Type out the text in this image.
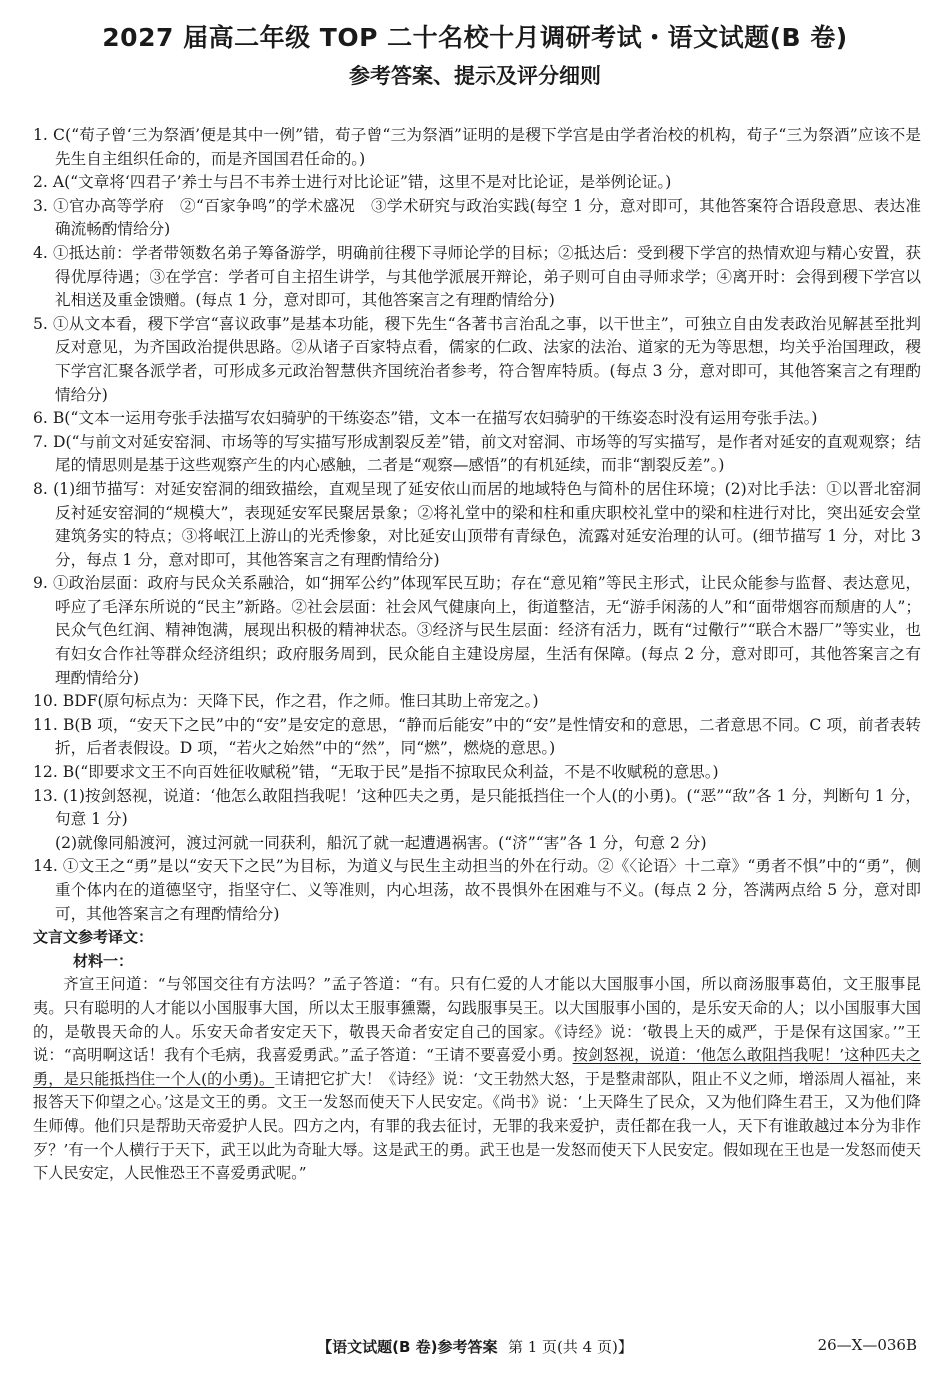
2027 届高二年级 TOP 二十名校十月调研考试・语文试题(B 卷)
参考答案、提示及评分细则

1. C(“荀子曾‘三为祭酒’便是其中一例”错，荀子曾“三为祭酒”证明的是稷下学宫是由学者治校的机构，荀子“三为祭酒”应该不是先生自主组织任命的，而是齐国国君任命的。)

2. A(“文章将‘四君子’养士与吕不韦养士进行对比论证”错，这里不是对比论证，是举例论证。)

3. ①官办高等学府　②“百家争鸣”的学术盛况　③学术研究与政治实践(每空 1 分，意对即可，其他答案符合语段意思、表达准确流畅酌情给分)

4. ①抵达前：学者带领数名弟子筹备游学，明确前往稷下寻师论学的目标；②抵达后：受到稷下学宫的热情欢迎与精心安置，获得优厚待遇；③在学宫：学者可自主招生讲学，与其他学派展开辩论，弟子则可自由寻师求学；④离开时：会得到稷下学宫以礼相送及重金馈赠。(每点 1 分，意对即可，其他答案言之有理酌情给分)

5. ①从文本看，稷下学宫“喜议政事”是基本功能，稷下先生“各著书言治乱之事，以干世主”，可独立自由发表政治见解甚至批判反对意见，为齐国政治提供思路。②从诸子百家特点看，儒家的仁政、法家的法治、道家的无为等思想，均关乎治国理政，稷下学宫汇聚各派学者，可形成多元政治智慧供齐国统治者参考，符合智库特质。(每点 3 分，意对即可，其他答案言之有理酌情给分)

6. B(“文本一运用夸张手法描写农妇骑驴的干练姿态”错，文本一在描写农妇骑驴的干练姿态时没有运用夸张手法。)

7. D(“与前文对延安窑洞、市场等的写实描写形成割裂反差”错，前文对窑洞、市场等的写实描写，是作者对延安的直观观察；结尾的情思则是基于这些观察产生的内心感触，二者是“观察—感悟”的有机延续，而非“割裂反差”。)

8. (1)细节描写：对延安窑洞的细致描绘，直观呈现了延安依山而居的地域特色与简朴的居住环境；(2)对比手法：①以晋北窑洞反衬延安窑洞的“规模大”，表现延安军民聚居景象；②将礼堂中的梁和柱和重庆职校礼堂中的梁和柱进行对比，突出延安会堂建筑务实的特点；③将岷江上游山的光秃惨象，对比延安山顶带有青绿色，流露对延安治理的认可。(细节描写 1 分，对比 3 分，每点 1 分，意对即可，其他答案言之有理酌情给分)

9. ①政治层面：政府与民众关系融洽，如“拥军公约”体现军民互助；存在“意见箱”等民主形式，让民众能参与监督、表达意见，呼应了毛泽东所说的“民主”新路。②社会层面：社会风气健康向上，街道整洁，无“游手闲荡的人”和“面带烟容而颓唐的人”；民众气色红润、精神饱满，展现出积极的精神状态。③经济与民生层面：经济有活力，既有“过儆行”“联合木器厂”等实业，也有妇女合作社等群众经济组织；政府服务周到，民众能自主建设房屋，生活有保障。(每点 2 分，意对即可，其他答案言之有理酌情给分)

10. BDF(原句标点为：天降下民，作之君，作之师。惟曰其助上帝宠之。)

11. B(B 项，“安天下之民”中的“安”是安定的意思，“静而后能安”中的“安”是性情安和的意思，二者意思不同。C 项，前者表转折，后者表假设。D 项，“若火之始然”中的“然”，同“燃”，燃烧的意思。)

12. B(“即要求文王不向百姓征收赋税”错，“无取于民”是指不掠取民众利益，不是不收赋税的意思。)

13. (1)按剑怒视，说道：‘他怎么敢阻挡我呢！’这种匹夫之勇，是只能抵挡住一个人(的小勇)。(“恶”“敌”各 1 分，判断句 1 分，句意 1 分)

(2)就像同船渡河，渡过河就一同获利，船沉了就一起遭遇祸害。(“济”“害”各 1 分，句意 2 分)

14. ①文王之“勇”是以“安天下之民”为目标，为道义与民生主动担当的外在行动。②《〈论语〉十二章》“勇者不惧”中的“勇”，侧重个体内在的道德坚守，指坚守仁、义等准则，内心坦荡，故不畏惧外在困难与不义。(每点 2 分，答满两点给 5 分，意对即可，其他答案言之有理酌情给分)

文言文参考译文：

材料一：

齐宣王问道：“与邻国交往有方法吗？”孟子答道：“有。只有仁爱的人才能以大国服事小国，所以商汤服事葛伯，文王服事昆夷。只有聪明的人才能以小国服事大国，所以太王服事獯鬻，勾践服事吴王。以大国服事小国的，是乐安天命的人；以小国服事大国的，是敬畏天命的人。乐安天命者安定天下，敬畏天命者安定自己的国家。《诗经》说：‘敬畏上天的威严，于是保有这国家。’”王说：“高明啊这话！我有个毛病，我喜爱勇武。”孟子答道：“王请不要喜爱小勇。按剑怒视，说道：‘他怎么敢阻挡我呢！’这种匹夫之勇，是只能抵挡住一个人(的小勇)。王请把它扩大！《诗经》说：‘文王勃然大怒，于是整肃部队，阻止不义之师，增添周人福祉，来报答天下仰望之心。’这是文王的勇。文王一发怒而使天下人民安定。《尚书》说：‘上天降生了民众，又为他们降生君王，又为他们降生师傅。他们只是帮助天帝爱护人民。四方之内，有罪的我去征讨，无罪的我来爱护，责任都在我一人，天下有谁敢越过本分为非作歹？’有一个人横行于天下，武王以此为奇耻大辱。这是武王的勇。武王也是一发怒而使天下人民安定。假如现在王也是一发怒而使天下人民安定，人民惟恐王不喜爱勇武呢。”

【语文试题(B 卷)参考答案 第 1 页(共 4 页)】	26—X—036B
